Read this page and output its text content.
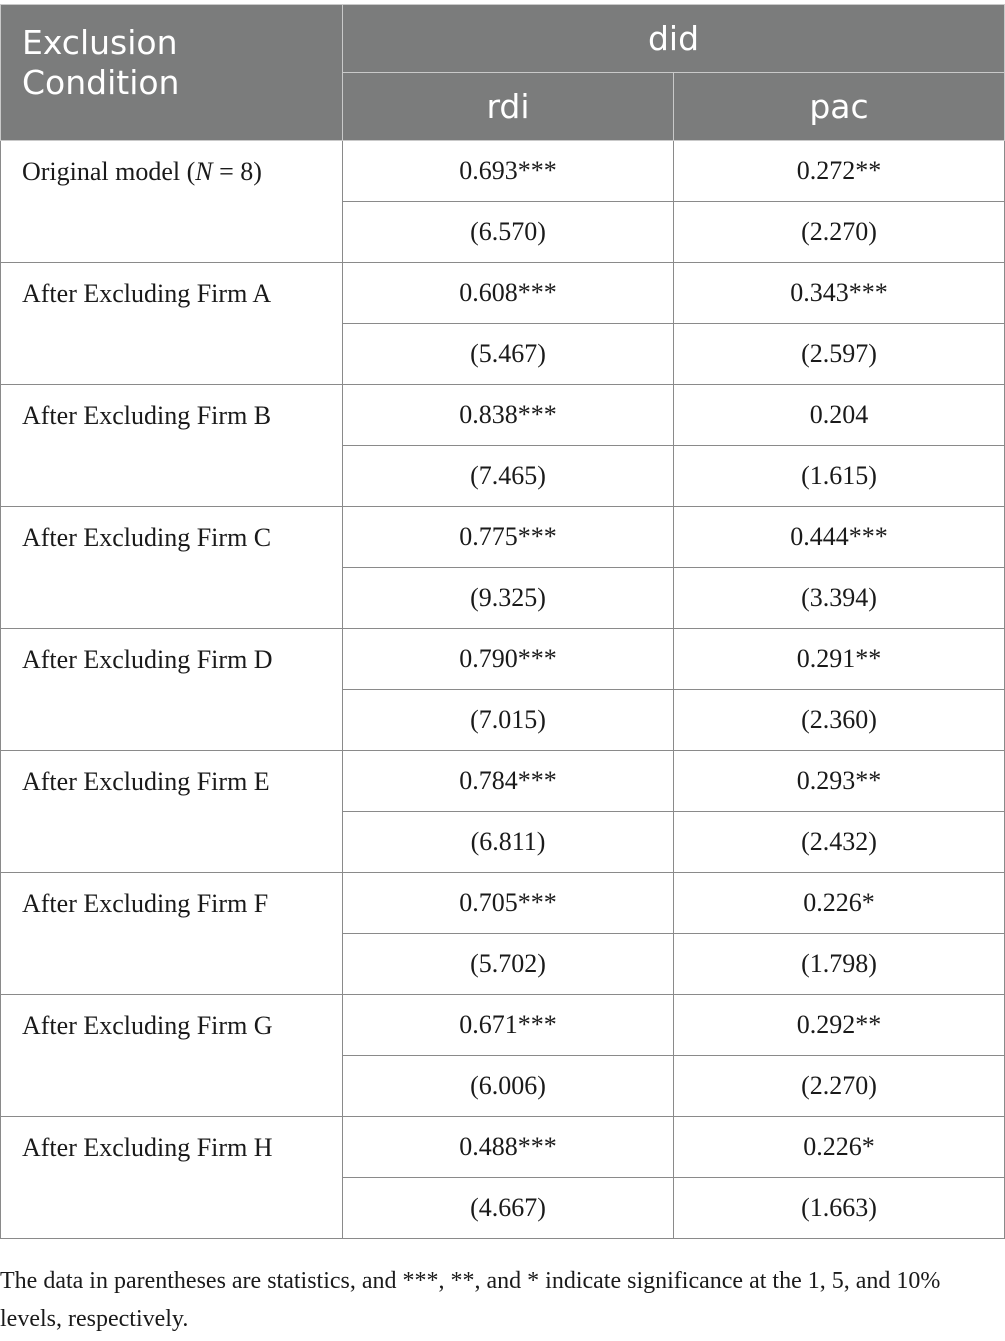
Exclusion Condition	did	
	rdi	pac
Original model (N = 8)	0.693***	0.272**
	(6.570)	(2.270)
After Excluding Firm A	0.608***	0.343***
	(5.467)	(2.597)
After Excluding Firm B	0.838***	0.204
	(7.465)	(1.615)
After Excluding Firm C	0.775***	0.444***
	(9.325)	(3.394)
After Excluding Firm D	0.790***	0.291**
	(7.015)	(2.360)
After Excluding Firm E	0.784***	0.293**
	(6.811)	(2.432)
After Excluding Firm F	0.705***	0.226*
	(5.702)	(1.798)
After Excluding Firm G	0.671***	0.292**
	(6.006)	(2.270)
After Excluding Firm H	0.488***	0.226*
	(4.667)	(1.663)
The data in parentheses are statistics, and ***, **, and * indicate significance at the 1, 5, and 10% levels, respectively.
